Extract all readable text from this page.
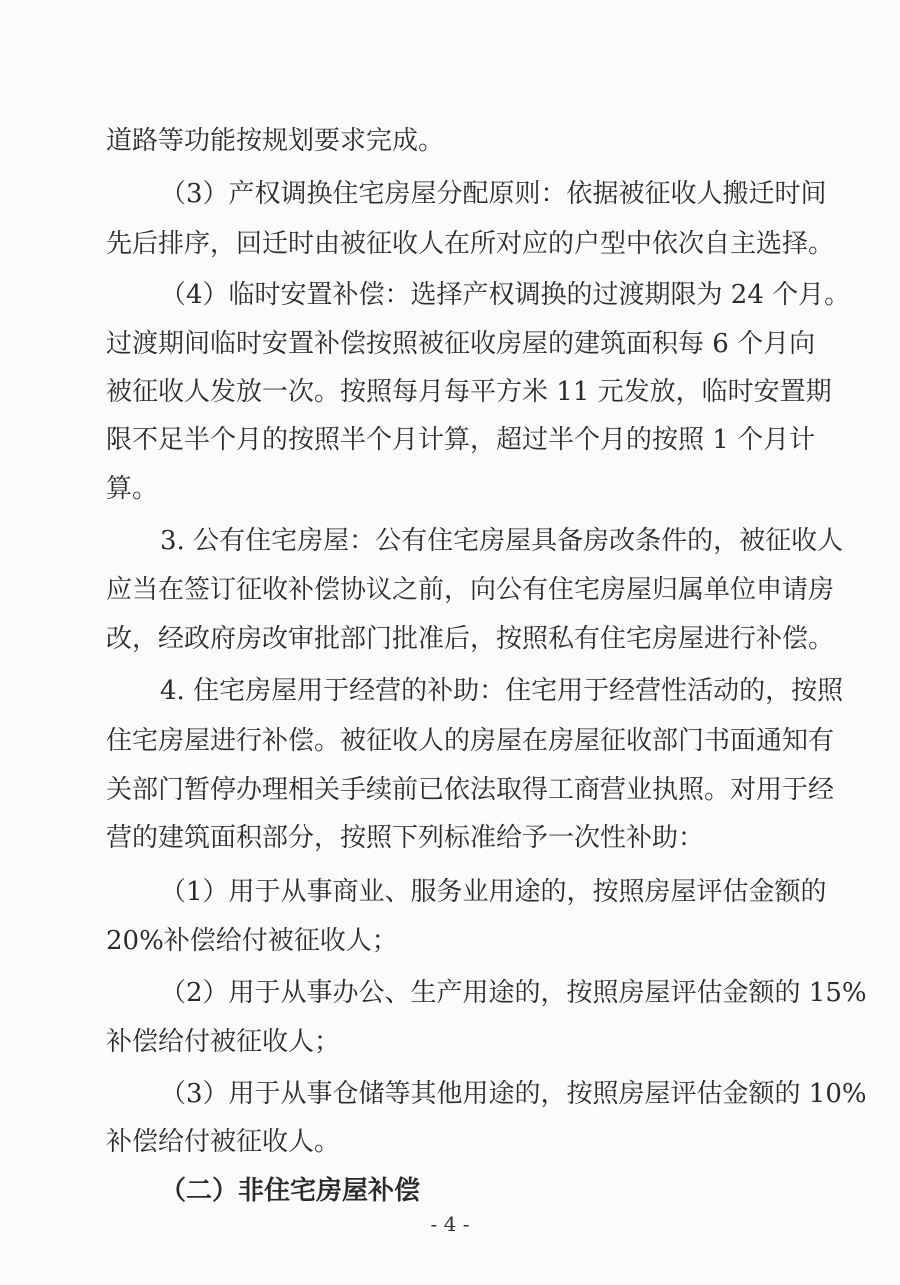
道路等功能按规划要求完成。
（3）产权调换住宅房屋分配原则：依据被征收人搬迁时间
先后排序，回迁时由被征收人在所对应的户型中依次自主选择。
（4）临时安置补偿：选择产权调换的过渡期限为 24 个月。
过渡期间临时安置补偿按照被征收房屋的建筑面积每 6 个月向
被征收人发放一次。按照每月每平方米 11 元发放，临时安置期
限不足半个月的按照半个月计算，超过半个月的按照 1 个月计
算。
3. 公有住宅房屋：公有住宅房屋具备房改条件的，被征收人
应当在签订征收补偿协议之前，向公有住宅房屋归属单位申请房
改，经政府房改审批部门批准后，按照私有住宅房屋进行补偿。
4. 住宅房屋用于经营的补助：住宅用于经营性活动的，按照
住宅房屋进行补偿。被征收人的房屋在房屋征收部门书面通知有
关部门暂停办理相关手续前已依法取得工商营业执照。对用于经
营的建筑面积部分，按照下列标准给予一次性补助：
（1）用于从事商业、服务业用途的，按照房屋评估金额的
20%补偿给付被征收人；
（2）用于从事办公、生产用途的，按照房屋评估金额的 15%
补偿给付被征收人；
（3）用于从事仓储等其他用途的，按照房屋评估金额的 10%
补偿给付被征收人。
（二）非住宅房屋补偿
- 4 -
